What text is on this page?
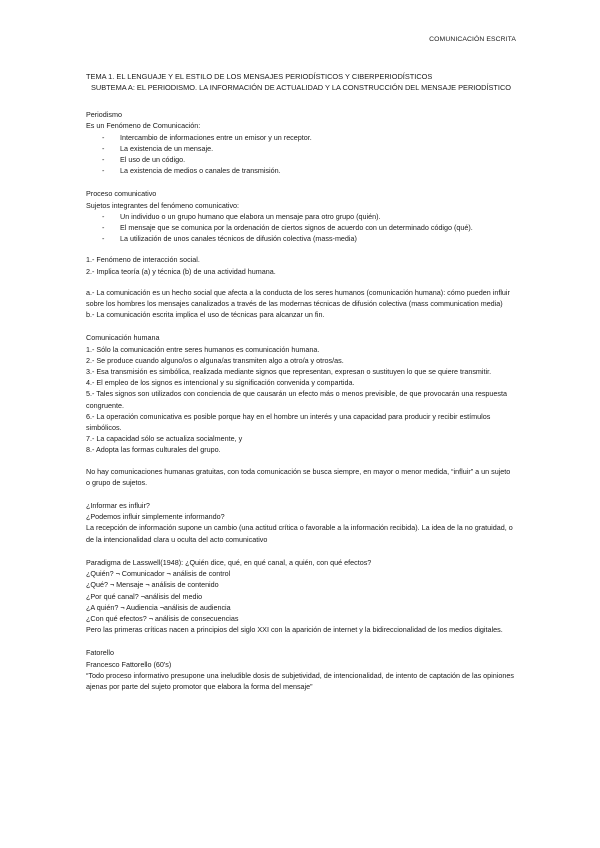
COMUNICACIÓN ESCRITA
TEMA 1. EL LENGUAJE Y EL ESTILO DE LOS MENSAJES PERIODÍSTICOS Y CIBERPERIODÍSTICOS
SUBTEMA A: EL PERIODISMO. LA INFORMACIÓN DE ACTUALIDAD Y LA CONSTRUCCIÓN DEL MENSAJE PERIODÍSTICO
Periodismo
Es un Fenómeno de Comunicación:
- Intercambio de informaciones entre un emisor y un receptor.
- La existencia de un mensaje.
- El uso de un código.
- La existencia de medios o canales de transmisión.
Proceso comunicativo
Sujetos integrantes del fenómeno comunicativo:
- Un individuo o un grupo humano que elabora un mensaje para otro grupo (quién).
- El mensaje que se comunica por la ordenación de ciertos signos de acuerdo con un determinado código (qué).
- La utilización de unos canales técnicos de difusión colectiva (mass-media)
1.- Fenómeno de interacción social.
2.- Implica teoría (a) y técnica (b) de una actividad humana.
a.- La comunicación es un hecho social que afecta a la conducta de los seres humanos (comunicación humana): cómo pueden influir sobre los hombres los mensajes canalizados a través de las modernas técnicas de difusión colectiva (mass communication media)
b.- La comunicación escrita implica el uso de técnicas para alcanzar un fin.
Comunicación humana
1.- Sólo la comunicación entre seres humanos es comunicación humana.
2.- Se produce cuando alguno/os o alguna/as transmiten algo a otro/a y otros/as.
3.- Esa transmisión es simbólica, realizada mediante signos que representan, expresan o sustituyen lo que se quiere transmitir.
4.- El empleo de los signos es intencional y su significación convenida y compartida.
5.- Tales signos son utilizados con conciencia de que causarán un efecto más o menos previsible, de que provocarán una respuesta congruente.
6.- La operación comunicativa es posible porque hay en el hombre un interés y una capacidad para producir y recibir estímulos simbólicos.
7.- La capacidad sólo se actualiza socialmente, y
8.- Adopta las formas culturales del grupo.
No hay comunicaciones humanas gratuitas, con toda comunicación se busca siempre, en mayor o menor medida, “influir” a un sujeto o grupo de sujetos.
¿Informar es influir?
¿Podemos influir simplemente informando?
La recepción de información supone un cambio (una actitud crítica o favorable a la información recibida). La idea de la no gratuidad, o de la intencionalidad clara u oculta del acto comunicativo
Paradigma de Lasswell(1948): ¿Quién dice, qué, en qué canal, a quién, con qué efectos?
¿Quién? ¬ Comunicador ¬ análisis de control
¿Qué? ¬ Mensaje ¬ análisis de contenido
¿Por qué canal? ¬análisis del medio
¿A quién? ¬ Audiencia ¬análisis de audiencia
¿Con qué efectos? ¬ análisis de consecuencias
Pero las primeras críticas nacen a principios del siglo XXI con la aparición de internet y la bidireccionalidad de los medios digitales.
Fatorello
Francesco Fattorello (60's)
“Todo proceso informativo presupone una ineludible dosis de subjetividad, de intencionalidad, de intento de captación de las opiniones ajenas por parte del sujeto promotor que elabora la forma del mensaje”
